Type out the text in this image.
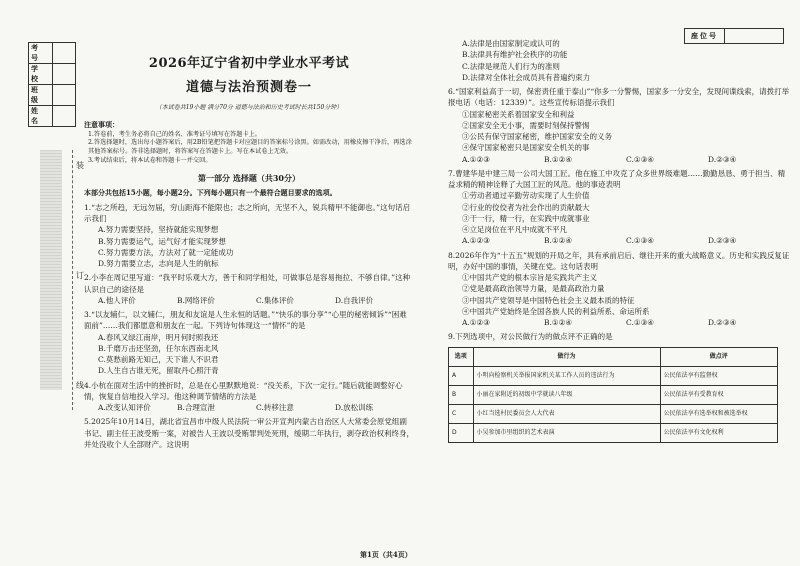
考号	
学校	
班级	
姓名	
装
订
线
座位号

2026年辽宁省初中学业水平考试

道德与法治预测卷一

（本试卷共19小题 满分70分 道德与法治和历史考试时长共150分钟）
注意事项：
1.答卷前，考生务必将自己的姓名、准考证号填写在答题卡上。
2.答选择题时，选出每小题答案后，用2B铅笔把答题卡对应题目的答案标号涂黑。如需改动，用橡皮擦干净后，再选涂其他答案标号。答非选择题时，将答案写在答题卡上。写在本试卷上无效。
3.考试结束后，将本试卷和答题卡一并交回。
第一部分 选择题（共30分）
本部分共包括15小题，每小题2分。下列每小题只有一个最符合题目要求的选项。
1.“志之所趋，无远勿届，穷山距海不能限也；志之所向，无坚不入，锐兵精甲不能御也。”这句话启示我们
A.努力需要坚持，坚持就能实现梦想
B.努力需要运气，运气好才能实现梦想
C.努力需要方法，方法对了就一定能成功
D.努力需要立志，志向是人生的航标
2.小李在周记里写道：“我平时乐观大方，善于和同学相处，可做事总是容易拖拉、不够自律。”这种认识自己的途径是
A.他人评价	B.网络评价	C.集体评价	D.自我评价
3.“以友辅仁，以文辅仁，朋友和友谊是人生永恒的话题。”“快乐的事分享”“心里的秘密倾诉”“困难面前”……我们都愿意和朋友在一起。下列诗句体现这一“情怀”的是
A.春风又绿江南岸，明月何时照我还
B.千磨万击还坚劲，任尔东西南北风
C.莫愁前路无知己，天下谁人不识君
D.人生自古谁无死，留取丹心照汗青
4.小杭在面对生活中的挫折时，总是在心里默默地说：“没关系，下次一定行。”随后就能调整好心情，恢复自信地投入学习。他这种调节情绪的方法是
A.改变认知评价	B.合理宣泄	C.转移注意	D.放松训练
5.2025年10月14日，湖北省宜昌市中级人民法院一审公开宣判内蒙古自治区人大常委会原党组副书记、副主任王波受贿一案，对被告人王波以受贿罪判处死刑，缓期二年执行，剥夺政治权利终身，并处没收个人全部财产。这说明
A.法律是由国家制定或认可的
B.法律具有维护社会秩序的功能
C.法律是规范人们行为的准则
D.法律对全体社会成员具有普遍约束力
6.“国家利益高于一切，保密责任重于泰山”“你多一分警惕，国家多一分安全，发现间谍线索，请拨打举报电话（电话：12339）”。这些宣传标语提示我们
①国家秘密关系着国家安全和利益
②国家安全无小事，需要时刻保持警惕
③公民有保守国家秘密，维护国家安全的义务
④保守国家秘密只是国家安全机关的事
A.①②③	B.①②④	C.①③④	D.②③④
7.曹建华是中建三局一公司大国工匠。他在施工中攻克了众多世界级难题……勤勤恳恳、勇于担当、精益求精的精神诠释了大国工匠的风范。他的事迹表明
①劳动者通过辛勤劳动实现了人生价值
②行业的佼佼者为社会作出的贡献最大
③干一行，精一行，在实践中成就事业
④立足岗位在平凡中成就不平凡
A.①②③	B.①②④	C.①③④	D.②③④
8.2026年作为“十五五”规划的开局之年，具有承前启后、继往开来的重大战略意义。历史和实践反复证明，办好中国的事情，关键在党。这句话表明
①中国共产党的根本宗旨是实践共产主义
②党是最高政治领导力量，是最高政治力量
③中国共产党领导是中国特色社会主义最本质的特征
④中国共产党始终是全国各族人民的利益所系、命运所系
A.①②③	B.①②④	C.①③④	D.②③④
9.下列选项中，对公民做行为的做点评不正确的是
选项	做行为	做点评
A	小明向检察机关举报国家机关某工作人员的违法行为	公民依法享有监督权
B	小丽在家附近的初级中学就读八年级	公民依法享有受教育权
C	小红当选村民委员会人大代表	公民依法享有选举权和被选举权
D	小吴参加市里组织的艺术表演	公民依法享有文化权利
第1页（共4页）
